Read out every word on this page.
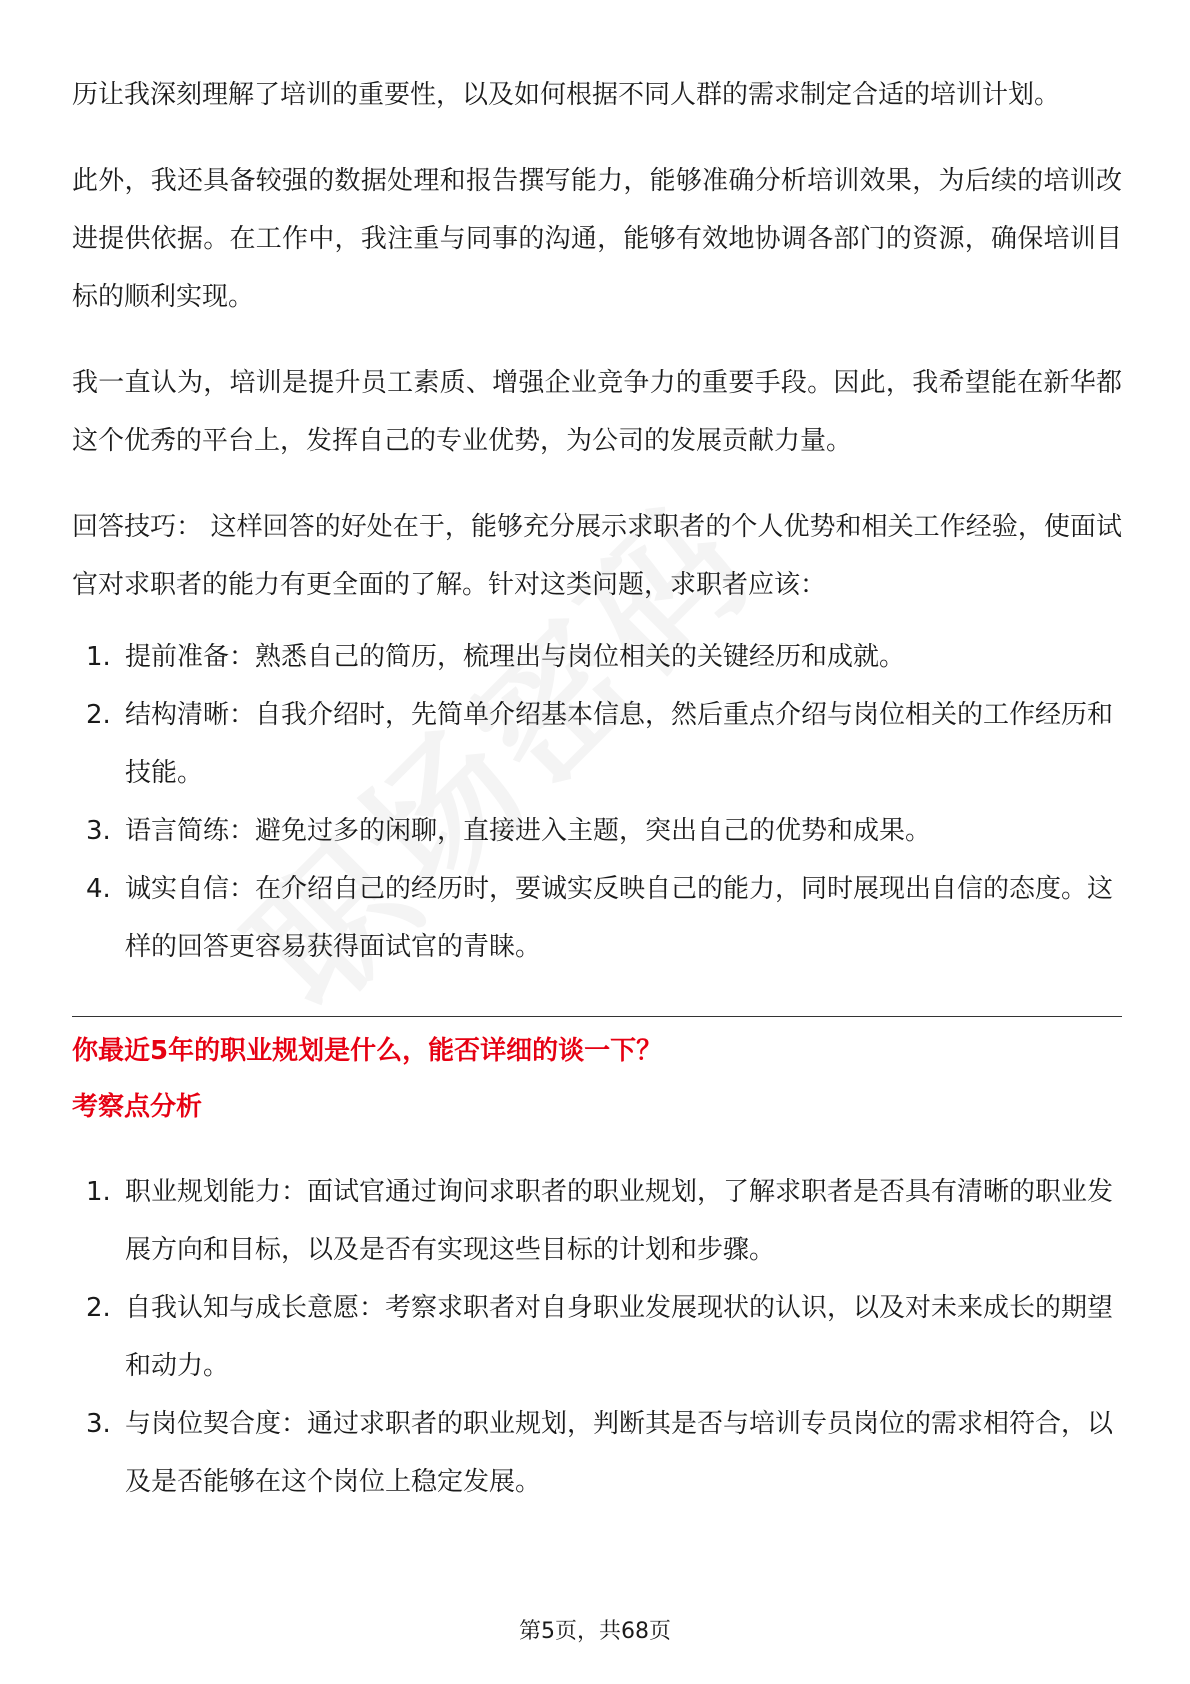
历让我深刻理解了培训的重要性，以及如何根据不同人群的需求制定合适的培训计划。

此外，我还具备较强的数据处理和报告撰写能力，能够准确分析培训效果，为后续的培训改进提供依据。在工作中，我注重与同事的沟通，能够有效地协调各部门的资源，确保培训目标的顺利实现。

我一直认为，培训是提升员工素质、增强企业竞争力的重要手段。因此，我希望能在新华都这个优秀的平台上，发挥自己的专业优势，为公司的发展贡献力量。

回答技巧： 这样回答的好处在于，能够充分展示求职者的个人优势和相关工作经验，使面试官对求职者的能力有更全面的了解。针对这类问题，求职者应该：

1. 提前准备：熟悉自己的简历，梳理出与岗位相关的关键经历和成就。
2. 结构清晰：自我介绍时，先简单介绍基本信息，然后重点介绍与岗位相关的工作经历和技能。
3. 语言简练：避免过多的闲聊，直接进入主题，突出自己的优势和成果。
4. 诚实自信：在介绍自己的经历时，要诚实反映自己的能力，同时展现出自信的态度。这样的回答更容易获得面试官的青睐。
你最近5年的职业规划是什么，能否详细的谈一下？
考察点分析
1. 职业规划能力：面试官通过询问求职者的职业规划，了解求职者是否具有清晰的职业发展方向和目标，以及是否有实现这些目标的计划和步骤。
2. 自我认知与成长意愿：考察求职者对自身职业发展现状的认识，以及对未来成长的期望和动力。
3. 与岗位契合度：通过求职者的职业规划，判断其是否与培训专员岗位的需求相符合，以及是否能够在这个岗位上稳定发展。
第5页，共68页
